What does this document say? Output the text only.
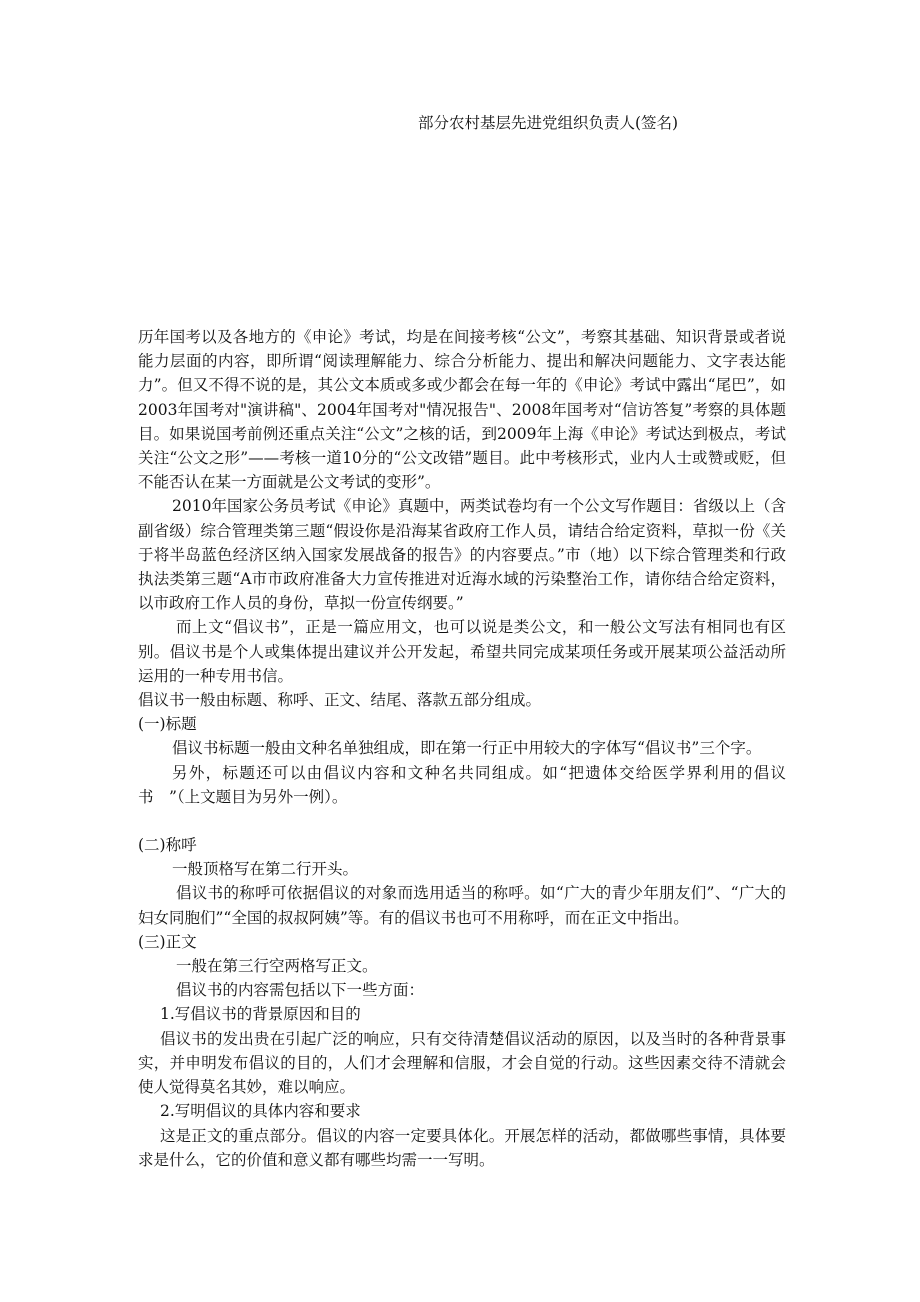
部分农村基层先进党组织负责人(签名)

历年国考以及各地方的《申论》考试，均是在间接考核“公文”，考察其基础、知识背景或者说能力层面的内容，即所谓“阅读理解能力、综合分析能力、提出和解决问题能力、文字表达能力”。但又不得不说的是，其公文本质或多或少都会在每一年的《申论》考试中露出“尾巴”，如2003年国考对"演讲稿"、2004年国考对"情况报告"、2008年国考对“信访答复”考察的具体题目。如果说国考前例还重点关注“公文”之核的话，到2009年上海《申论》考试达到极点，考试关注“公文之形”——考核一道10分的“公文改错”题目。此中考核形式，业内人士或赞或贬，但不能否认在某一方面就是公文考试的变形”。

2010年国家公务员考试《申论》真题中，两类试卷均有一个公文写作题目：省级以上（含副省级）综合管理类第三题“假设你是沿海某省政府工作人员，请结合给定资料，草拟一份《关于将半岛蓝色经济区纳入国家发展战备的报告》的内容要点。”市（地）以下综合管理类和行政执法类第三题“A市市政府准备大力宣传推进对近海水域的污染整治工作，请你结合给定资料，以市政府工作人员的身份，草拟一份宣传纲要。”

而上文“倡议书”，正是一篇应用文，也可以说是类公文，和一般公文写法有相同也有区别。倡议书是个人或集体提出建议并公开发起，希望共同完成某项任务或开展某项公益活动所运用的一种专用书信。

倡议书一般由标题、称呼、正文、结尾、落款五部分组成。

(一)标题

倡议书标题一般由文种名单独组成，即在第一行正中用较大的字体写“倡议书”三个字。

另外，标题还可以由倡议内容和文种名共同组成。如“把遗体交给医学界利用的倡议书　”（上文题目为另外一例）。

(二)称呼

一般顶格写在第二行开头。

倡议书的称呼可依据倡议的对象而选用适当的称呼。如“广大的青少年朋友们”、“广大的妇女同胞们”“全国的叔叔阿姨”等。有的倡议书也可不用称呼，而在正文中指出。

(三)正文

一般在第三行空两格写正文。

倡议书的内容需包括以下一些方面：

1.写倡议书的背景原因和目的

倡议书的发出贵在引起广泛的响应，只有交待清楚倡议活动的原因，以及当时的各种背景事实，并申明发布倡议的目的，人们才会理解和信服，才会自觉的行动。这些因素交待不清就会使人觉得莫名其妙，难以响应。

2.写明倡议的具体内容和要求

这是正文的重点部分。倡议的内容一定要具体化。开展怎样的活动，都做哪些事情，具体要求是什么，它的价值和意义都有哪些均需一一写明。
